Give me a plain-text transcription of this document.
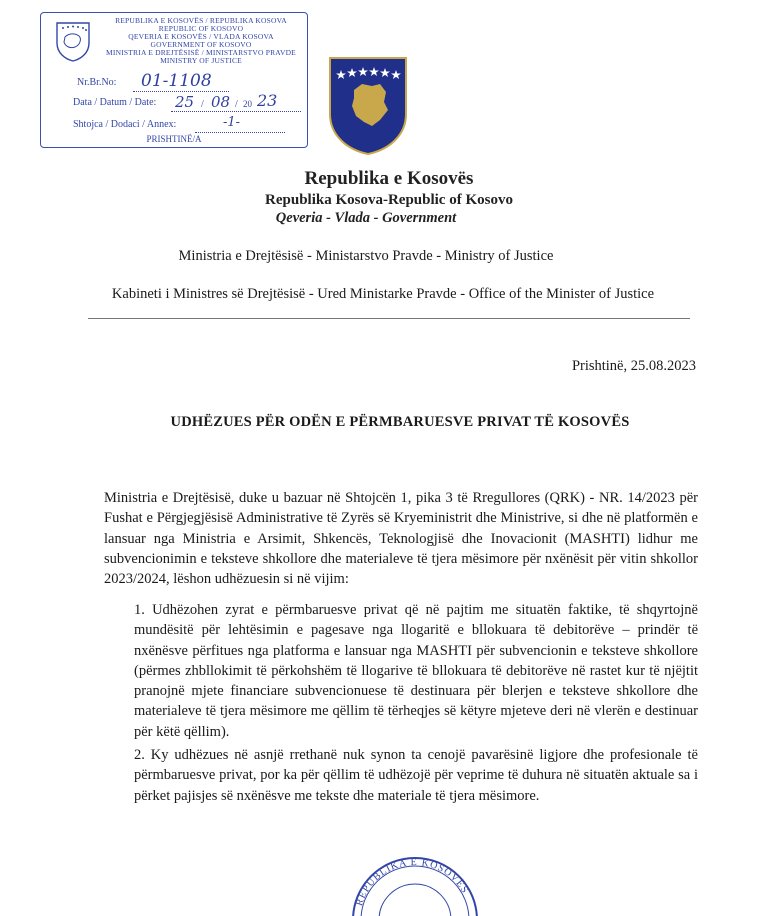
REPUBLIKA E KOSOVËS / REPUBLIKA KOSOVA
REPUBLIC OF KOSOVO
QEVERIA E KOSOVËS / VLADA KOSOVA
GOVERNMENT OF KOSOVO
MINISTRIA E DREJTËSISË / MINISTARSTVO PRAVDE
MINISTRY OF JUSTICE
Nr.Br.No: 01-1108
Data / Datum / Date: 25 / 08 / 20 23
Shtojca / Dodaci / Annex:	-1-
PRISHTINË/A
Republika e Kosovës
Republika Kosova-Republic of Kosovo
Qeveria - Vlada - Government
Ministria e Drejtësisë - Ministarstvo Pravde - Ministry of Justice
Kabineti i Ministres së Drejtësisë - Ured Ministarke Pravde - Office of the Minister of Justice
Prishtinë, 25.08.2023
UDHËZUES PËR ODËN E PËRMBARUESVE PRIVAT TË KOSOVËS

Ministria e Drejtësisë, duke u bazuar në Shtojcën 1, pika 3 të Rregullores (QRK) - NR. 14/2023 për Fushat e Përgjegjësisë Administrative të Zyrës së Kryeministrit dhe Ministrive, si dhe në platformën e lansuar nga Ministria e Arsimit, Shkencës, Teknologjisë dhe Inovacionit (MASHTI) lidhur me subvencionimin e teksteve shkollore dhe materialeve të tjera mësimore për nxënësit për vitin shkollor 2023/2024, lëshon udhëzuesin si në vijim:

1. Udhëzohen zyrat e përmbaruesve privat që në pajtim me situatën faktike, të shqyrtojnë mundësitë për lehtësimin e pagesave nga llogaritë e bllokuara të debitorëve – prindër të nxënësve përfitues nga platforma e lansuar nga MASHTI për subvencionin e teksteve shkollore (përmes zhbllokimit të përkohshëm të llogarive të bllokuara të debitorëve në rastet kur të njëjtit pranojnë mjete financiare subvencionuese të destinuara për blerjen e teksteve shkollore dhe materialeve të tjera mësimore me qëllim të tërheqjes së këtyre mjeteve deri në vlerën e destinuar për këtë qëllim).

2. Ky udhëzues në asnjë rrethanë nuk synon ta cenojë pavarësinë ligjore dhe profesionale të përmbaruesve privat, por ka për qëllim të udhëzojë për veprime të duhura në situatën aktuale sa i përket pajisjes së nxënësve me tekste dhe materiale të tjera mësimore.

REPUBLIKA E KOSOVËS
